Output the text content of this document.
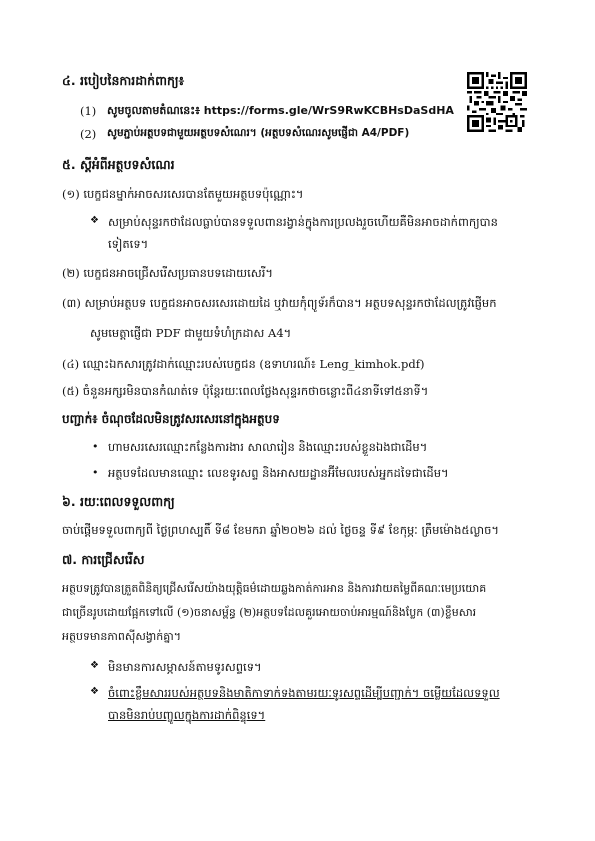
៤. របៀបនៃការដាក់ពាក្យ៖
(1) សូមចូលតាមតំណនេះ៖ https://forms.gle/WrS9RwKCBHsDaSdHA
(2) សូមភ្ជាប់អត្ថបទជាមួយអត្ថបទសំណេរ។ (អត្ថបទសំណេរសូមផ្ញើជា A4/PDF)
៥. ស្តីអំពីអត្ថបទសំណេរ
(១) បេក្ខជនម្នាក់អាចសរសេរបានតែមួយអត្ថបទប៉ុណ្ណោះ។
❖ សម្រាប់សុន្ទរកថាដែលធ្លាប់បានទទួលពានរង្វាន់ក្នុងការប្រលងរួចហើយគឺមិនអាចដាក់ពាក្យបាន
ទៀតទេ។
(២) បេក្ខជនអាចជ្រើសរើសប្រធានបទដោយសេរី។
(៣) សម្រាប់អត្ថបទ បេក្ខជនអាចសរសេរដោយដៃ ឬវាយកុំព្យូទ័រក៏បាន។ អត្ថបទសុន្ទរកថាដែលត្រូវផ្ញើមក
សូមមេត្តាផ្ញើជា PDF ជាមួយទំហំក្រដាស A4។
(៤) ឈ្មោះឯកសារត្រូវដាក់ឈ្មោះរបស់បេក្ខជន (ឧទាហរណ៍៖ Leng_kimhok.pdf)
(៥) ចំនួនអក្សរមិនបានកំណត់ទេ ប៉ុន្តែរយៈពេលថ្លែងសុន្ទរកថាចន្លោះពី៤នាទីទៅ៥នាទី។
បញ្ជាក់៖ ចំណុចដែលមិនត្រូវសរសេរនៅក្នុងអត្ថបទ
• ហាមសរសេរឈ្មោះកន្លែងការងារ សាលារៀន និងឈ្មោះរបស់ខ្លួនឯងជាដើម។
• អត្ថបទដែលមានឈ្មោះ លេខទូរសព្ទ និងអាសយដ្ឋានអ៊ីមែលរបស់អ្នកដទៃជាដើម។
៦. រយៈពេលទទួលពាក្យ
ចាប់ផ្តើមទទួលពាក្យពី ថ្ងៃព្រហស្បតិ៍ ទី៨ ខែមករា ឆ្នាំ២០២៦ ដល់ ថ្ងៃចន្ទ ទី៩ ខែកុម្ភៈ ត្រឹមម៉ោង៥ល្ងាច។
៧. ការជ្រើសរើស
អត្ថបទត្រូវបានត្រួតពិនិត្យជ្រើសរើសយ៉ាងយុត្តិធម៌ដោយឆ្លងកាត់ការអាន និងការវាយតម្លៃពីគណៈមេប្រយោគ
ជាច្រើនរូបដោយផ្អែកទៅលើ (១)ចនាសម្ព័ន្ធ (២)អត្ថបទដែលគួរអោយចាប់អារម្មណ៍និងប្លែក (៣)ខ្លឹមសារ
អត្ថបទមានភាពស៊ីសង្វាក់គ្នា។
❖ មិនមានការសម្ភាសន៍តាមទូរសព្ទទេ។
❖ ចំពោះខ្លឹមសាររបស់អត្ថបទនិងមាតិកាទាក់ទងតាមរយៈទូរសព្ទដើម្បីបញ្ជាក់។ ចម្លើយដែលទទួល
បានមិនរាប់បញ្ចូលក្នុងការដាក់ពិន្ទុទេ។
